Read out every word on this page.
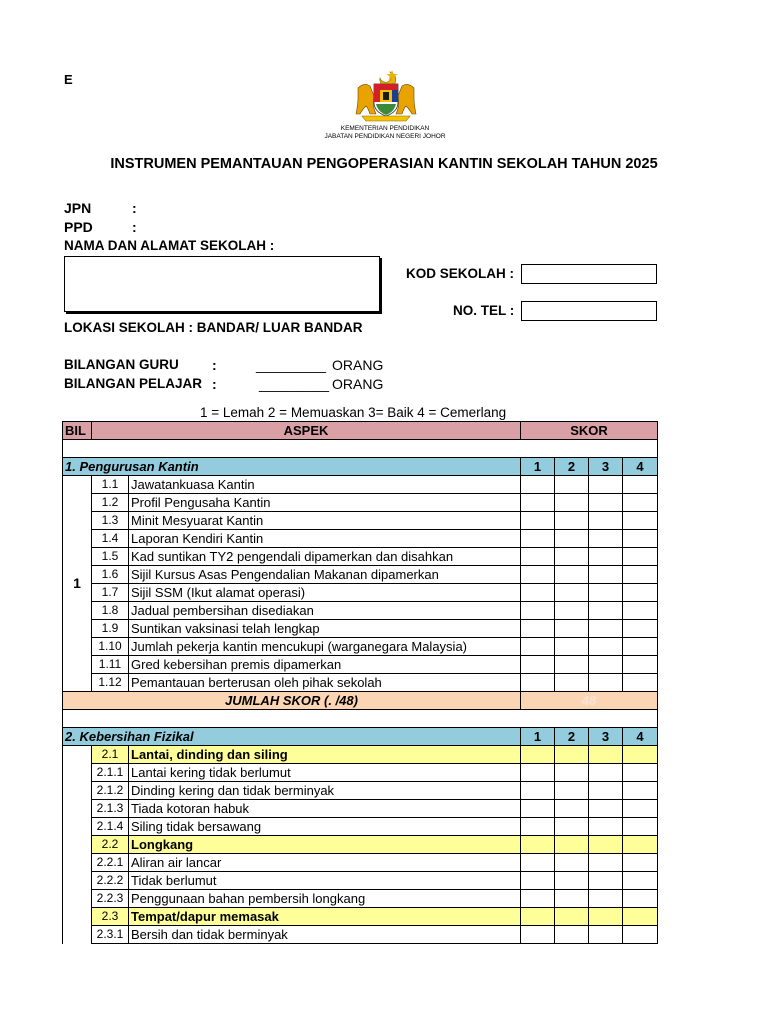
E
KEMENTERIAN PENDIDIKAN
JABATAN PENDIDIKAN NEGERI JOHOR
INSTRUMEN PEMANTAUAN PENGOPERASIAN KANTIN SEKOLAH TAHUN 2025
JPN	:
PPD	:
NAMA DAN ALAMAT SEKOLAH :
KOD SEKOLAH :
NO. TEL :
LOKASI SEKOLAH : BANDAR/ LUAR BANDAR
BILANGAN GURU :	_________ ORANG
BILANGAN PELAJAR :	_________ ORANG
1 = Lemah 2 = Memuaskan 3= Baik 4 = Cemerlang
BIL	ASPEK		SKOR			

1. Pengurusan Kantin			1	2	3	4
1	1.1	Jawatankuasa Kantin				
	1.2	Profil Pengusaha Kantin				
	1.3	Minit Mesyuarat Kantin				
	1.4	Laporan Kendiri Kantin				
	1.5	Kad suntikan TY2 pengendali dipamerkan dan disahkan				
	1.6	Sijil Kursus Asas Pengendalian Makanan dipamerkan				
	1.7	Sijil SSM (Ikut alamat operasi)				
	1.8	Jadual pembersihan disediakan				
	1.9	Suntikan vaksinasi telah lengkap				
	1.10	Jumlah pekerja kantin mencukupi (warganegara Malaysia)				
	1.11	Gred kebersihan premis dipamerkan				
	1.12	Pemantauan berterusan oleh pihak sekolah				
JUMLAH SKOR (. /48)			48			

2. Kebersihan Fizikal			1	2	3	4
	2.1	Lantai, dinding dan siling				
	2.1.1	Lantai kering tidak berlumut				
	2.1.2	Dinding kering dan tidak berminyak				
	2.1.3	Tiada kotoran habuk				
	2.1.4	Siling tidak bersawang				
	2.2	Longkang				
	2.2.1	Aliran air lancar				
	2.2.2	Tidak berlumut				
	2.2.3	Penggunaan bahan pembersih longkang				
	2.3	Tempat/dapur memasak				
	2.3.1	Bersih dan tidak berminyak				
